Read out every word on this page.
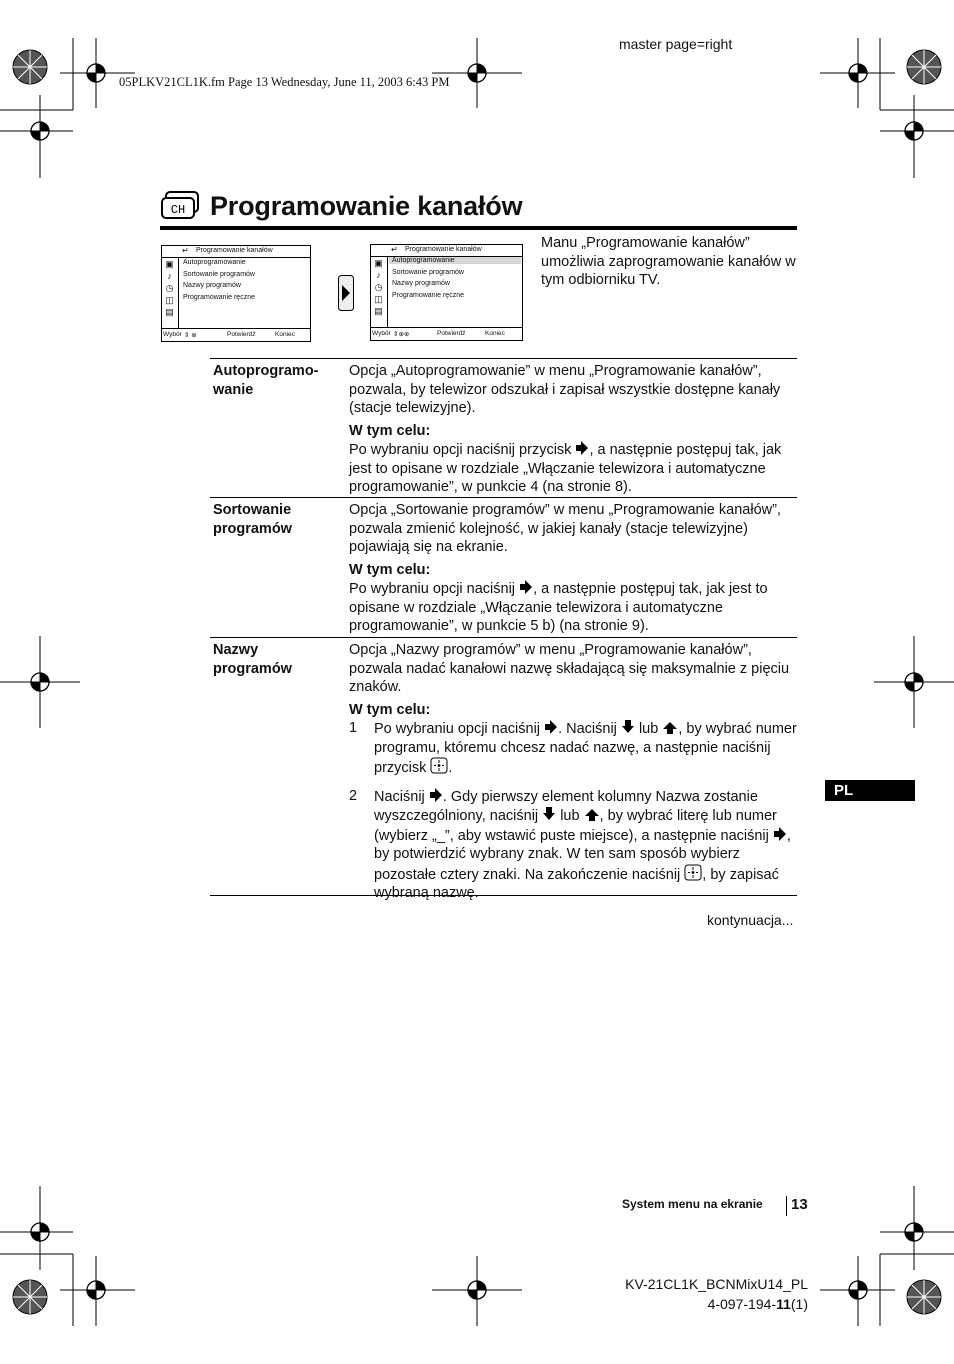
master page=right
05PLKV21CL1K.fm Page 13 Wednesday, June 11, 2003 6:43 PM
CH Programowanie kanałów
↵ Programowanie kanałów
▣
♪
◷
◫
▤
Autoprogramowanie
Sortowanie programów
Nazwy programów
Programowanie ręczne
Wybór ⇕ ⊕	Potwierdź	Koniec
↵ Programowanie kanałów
▣
♪
◷
◫
▤
Autoprogramowanie
Sortowanie programów
Nazwy programów
Programowanie ręczne
Wybór ⇕⊕⊕	Potwierdź	Koniec
Manu „Programowanie kanałów” umożliwia zaprogramowanie kanałów w tym odbiorniku TV.
Autoprogramo-
wanie

Opcja „Autoprogramowanie” w menu „Programowanie kanałów”, pozwala, by telewizor odszukał i zapisał wszystkie dostępne kanały (stacje telewizyjne).

W tym celu:

Po wybraniu opcji naciśnij przycisk , a następnie postępuj tak, jak jest to opisane w rozdziale „Włączanie telewizora i automatyczne programowanie”, w punkcie 4 (na stronie 8).

Sortowanie
programów

Opcja „Sortowanie programów” w menu „Programowanie kanałów”, pozwala zmienić kolejność, w jakiej kanały (stacje telewizyjne) pojawiają się na ekranie.

W tym celu:

Po wybraniu opcji naciśnij , a następnie postępuj tak, jak jest to opisane w rozdziale „Włączanie telewizora i automatyczne programowanie”, w punkcie 5 b) (na stronie 9).

Nazwy
programów

Opcja „Nazwy programów” w menu „Programowanie kanałów”, pozwala nadać kanałowi nazwę składającą się maksymalnie z pięciu znaków.

W tym celu:

1	Po wybraniu opcji naciśnij . Naciśnij lub , by wybrać numer programu, któremu chcesz nadać nazwę, a następnie naciśnij przycisk .
2	Naciśnij . Gdy pierwszy element kolumny Nazwa zostanie wyszczególniony, naciśnij lub , by wybrać literę lub numer (wybierz „_”, aby wstawić puste miejsce), a następnie naciśnij , by potwierdzić wybrany znak. W ten sam sposób wybierz pozostałe cztery znaki. Na zakończenie naciśnij , by zapisać wybraną nazwę.
PL
kontynuacja...
System menu na ekranie 13
KV-21CL1K_BCNMixU14_PL
4-097-194-11(1)
